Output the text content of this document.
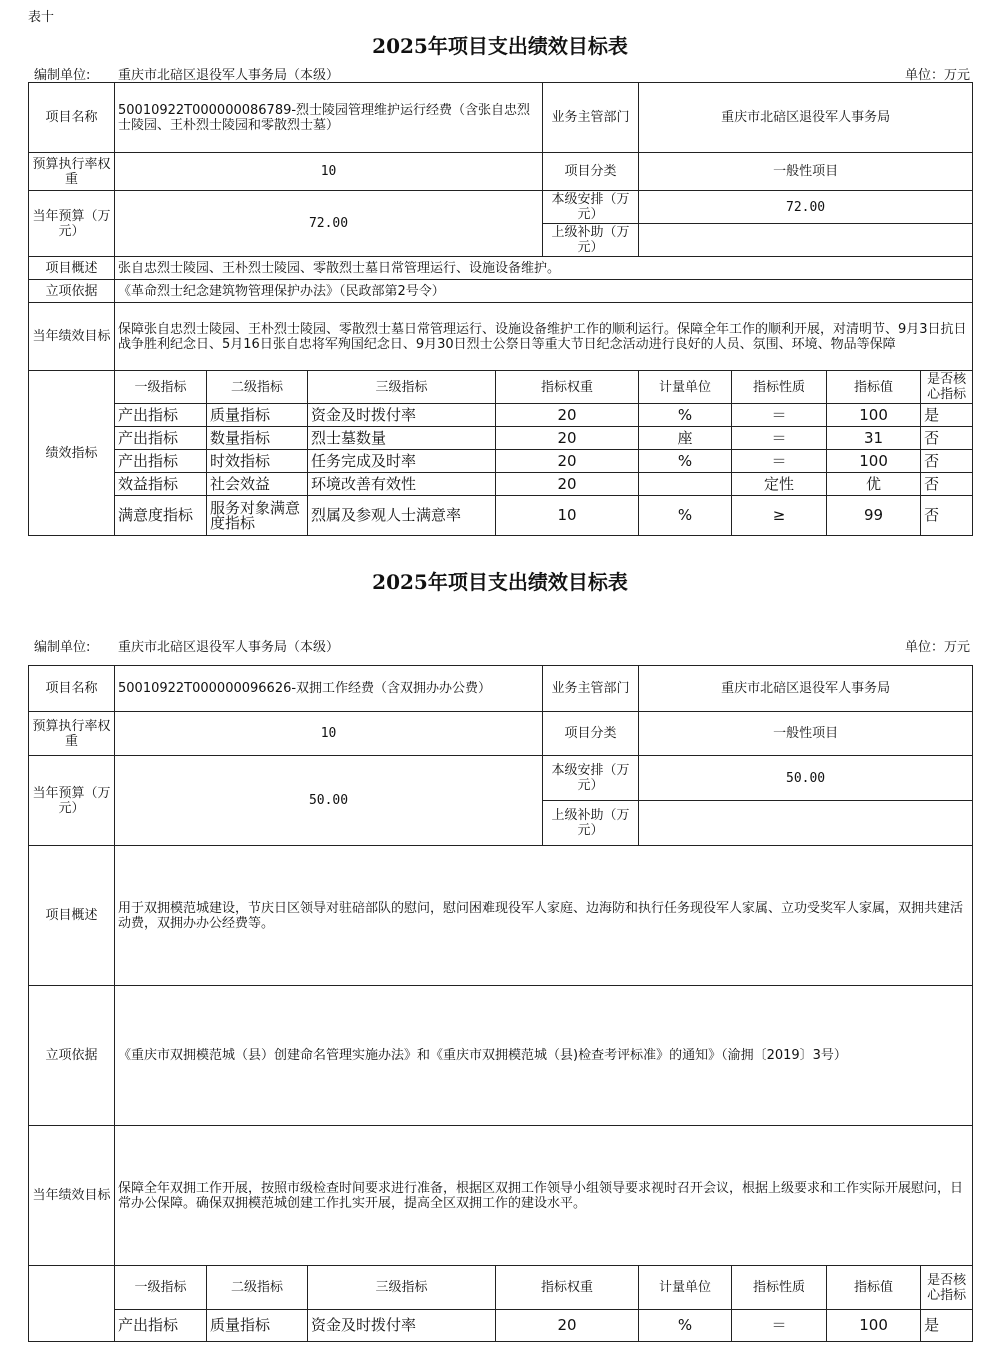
表十
2025年项目支出绩效目标表
编制单位: 重庆市北碚区退役军人事务局（本级）	单位：万元
项目名称	50010922T000000086789-烈士陵园管理维护运行经费（含张自忠烈士陵园、王朴烈士陵园和零散烈士墓）				业务主管部门	重庆市北碚区退役军人事务局			
预算执行率权重	10				项目分类	一般性项目			
当年预算（万元）	72.00				本级安排（万元）	72.00			
					上级补助（万元）				
项目概述	张自忠烈士陵园、王朴烈士陵园、零散烈士墓日常管理运行、设施设备维护。								
立项依据	《革命烈士纪念建筑物管理保护办法》（民政部第2号令）								
当年绩效目标	保障张自忠烈士陵园、王朴烈士陵园、零散烈士墓日常管理运行、设施设备维护工作的顺利运行。保障全年工作的顺利开展，对清明节、9月3日抗日战争胜利纪念日、5月16日张自忠将军殉国纪念日、9月30日烈士公祭日等重大节日纪念活动进行良好的人员、氛围、环境、物品等保障								
绩效指标	一级指标	二级指标	三级指标	指标权重		计量单位	指标性质	指标值	是否核心指标
	产出指标	质量指标	资金及时拨付率	20		%	＝	100	是
	产出指标	数量指标	烈士墓数量	20		座	＝	31	否
	产出指标	时效指标	任务完成及时率	20		%	＝	100	否
	效益指标	社会效益	环境改善有效性	20			定性	优	否
	满意度指标	服务对象满意度指标	烈属及参观人士满意率	10		%	≥	99	否
2025年项目支出绩效目标表
编制单位: 重庆市北碚区退役军人事务局（本级）	单位：万元
项目名称	50010922T000000096626-双拥工作经费（含双拥办办公费）				业务主管部门	重庆市北碚区退役军人事务局			
预算执行率权重	10				项目分类	一般性项目			
当年预算（万元）	50.00				本级安排（万元）	50.00			
					上级补助（万元）				
项目概述	用于双拥模范城建设，节庆日区领导对驻碚部队的慰问，慰问困难现役军人家庭、边海防和执行任务现役军人家属、立功受奖军人家属，双拥共建活动费，双拥办办公经费等。								
立项依据	《重庆市双拥模范城（县）创建命名管理实施办法》和《重庆市双拥模范城（县)检查考评标准》的通知》（渝拥〔2019〕3号）								
当年绩效目标	保障全年双拥工作开展，按照市级检查时间要求进行准备，根据区双拥工作领导小组领导要求视时召开会议，根据上级要求和工作实际开展慰问，日常办公保障。确保双拥模范城创建工作扎实开展，提高全区双拥工作的建设水平。								
	一级指标	二级指标	三级指标	指标权重		计量单位	指标性质	指标值	是否核心指标
	产出指标	质量指标	资金及时拨付率	20		%	＝	100	是
